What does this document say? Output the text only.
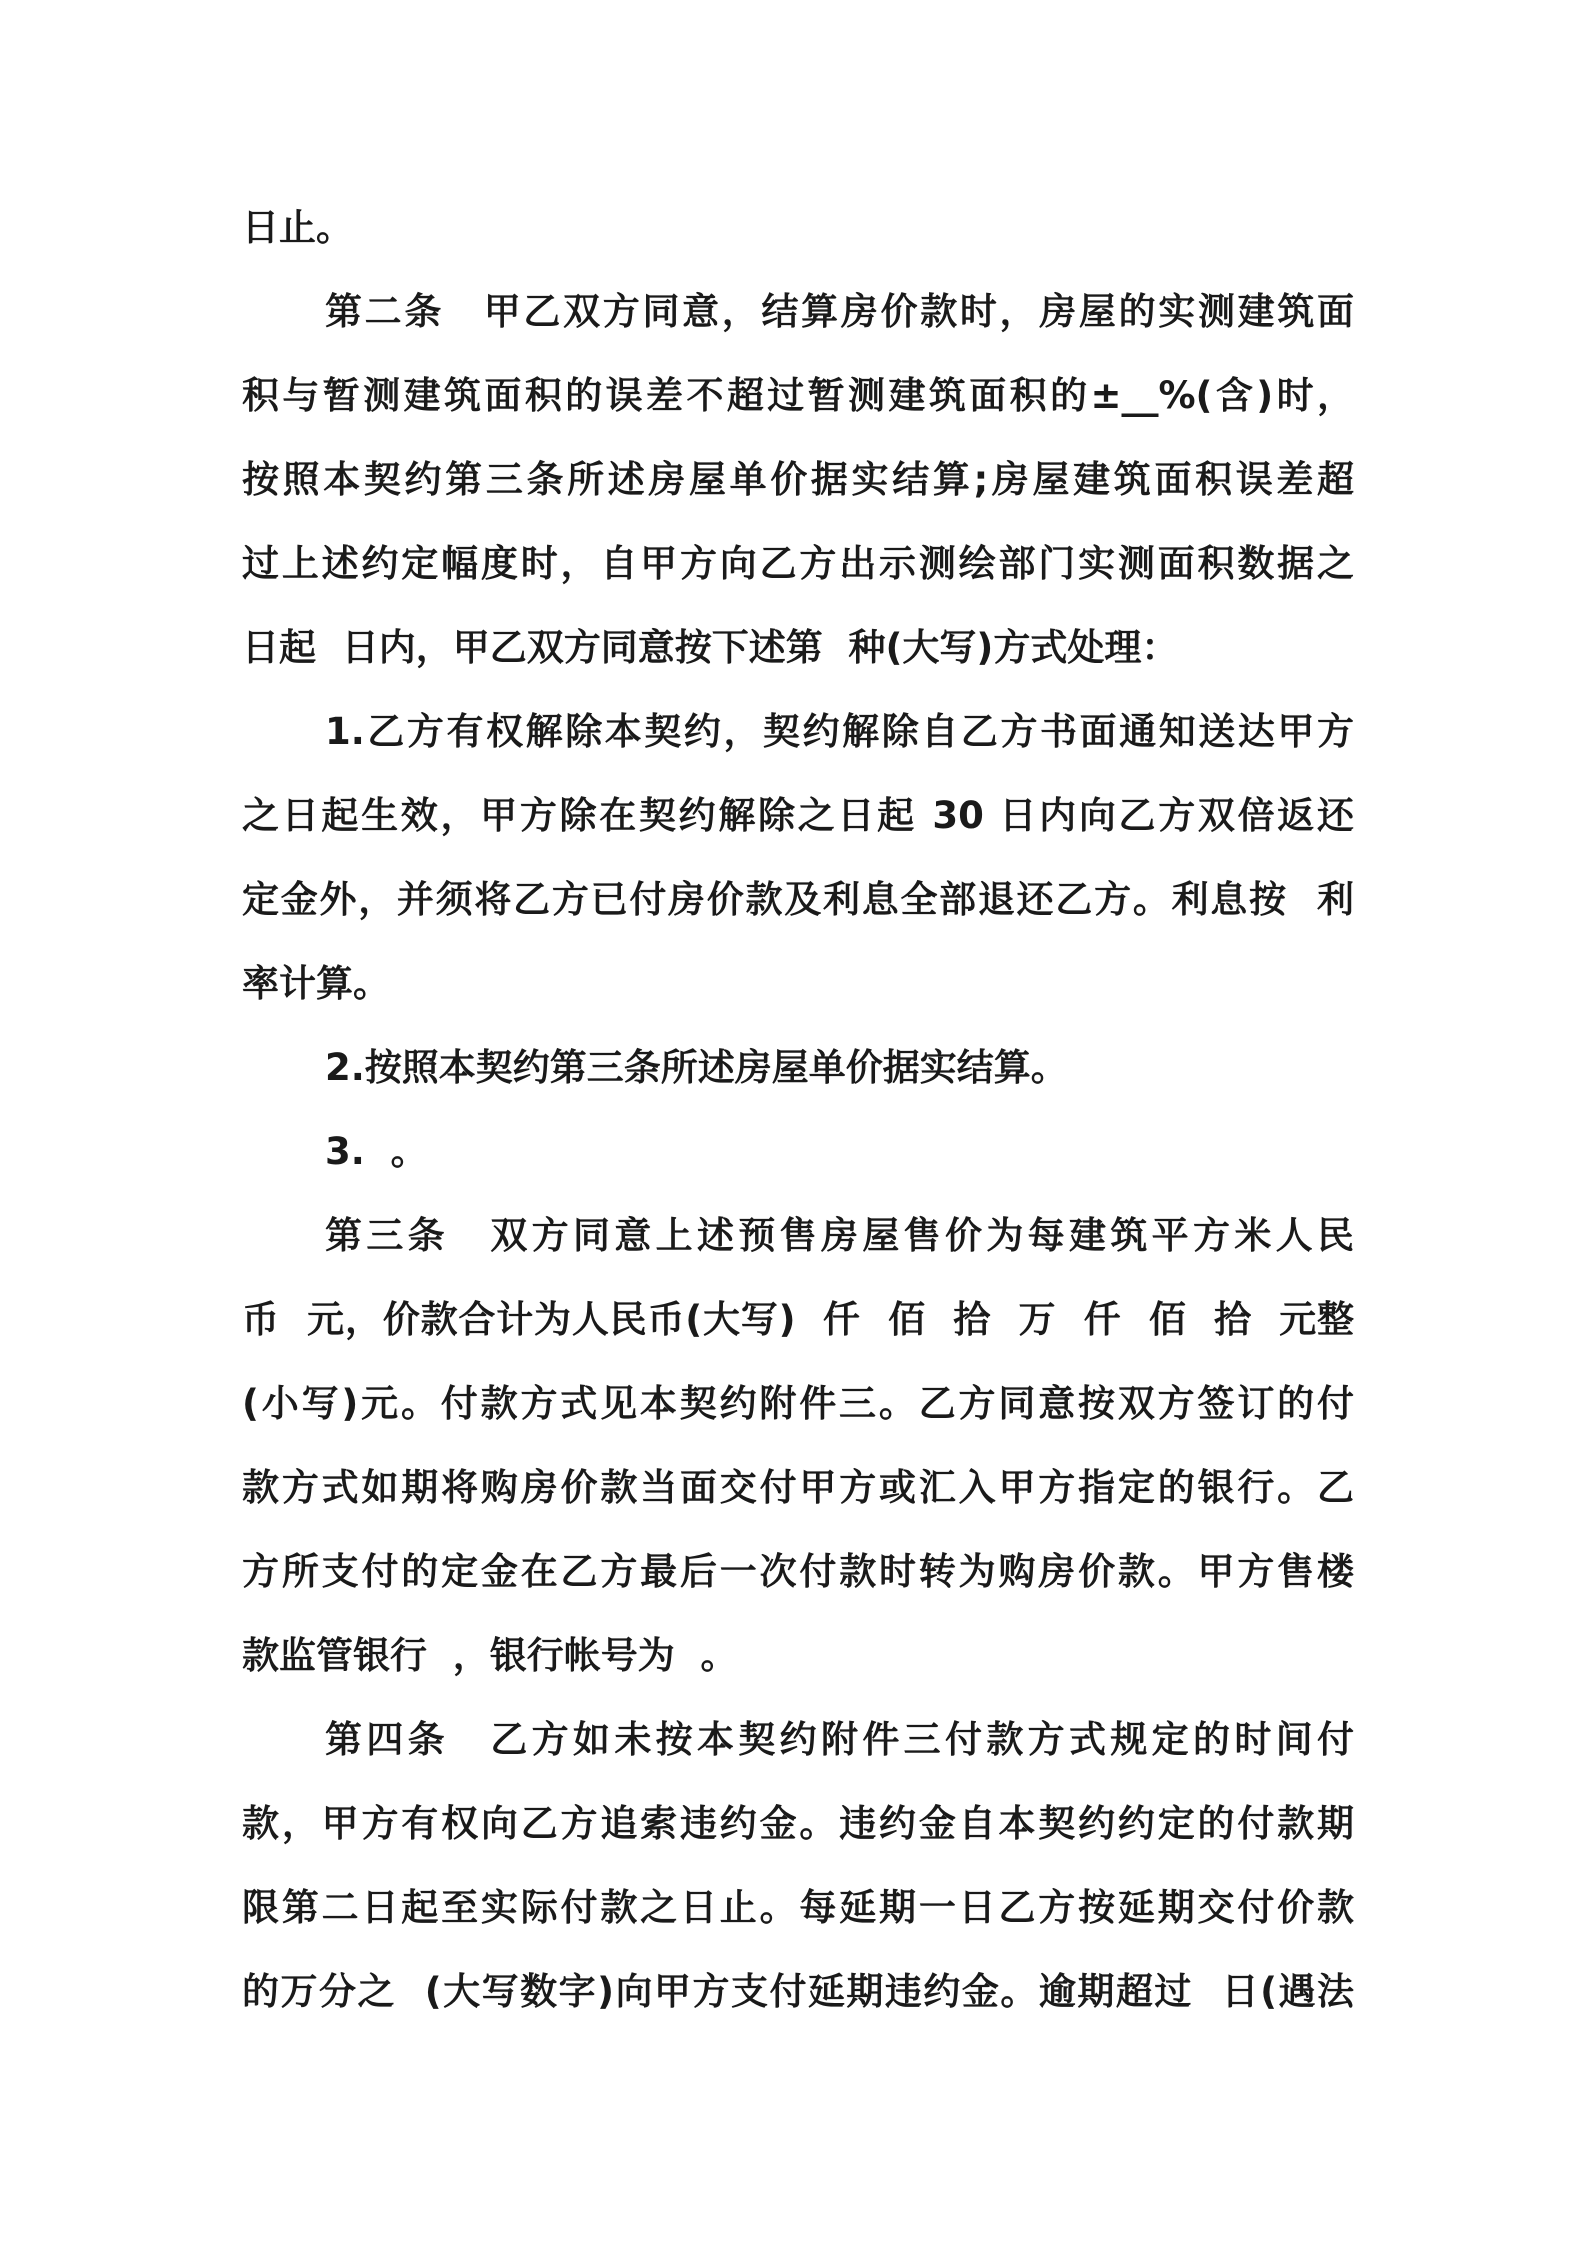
日止。
第二条　甲乙双方同意，结算房价款时，房屋的实测建筑面
积与暂测建筑面积的误差不超过暂测建筑面积的±__%(含)时，
按照本契约第三条所述房屋单价据实结算;房屋建筑面积误差超
过上述约定幅度时，自甲方向乙方出示测绘部门实测面积数据之
日起  日内，甲乙双方同意按下述第  种(大写)方式处理：
1.乙方有权解除本契约，契约解除自乙方书面通知送达甲方
之日起生效，甲方除在契约解除之日起 30 日内向乙方双倍返还
定金外，并须将乙方已付房价款及利息全部退还乙方。利息按  利
率计算。
2.按照本契约第三条所述房屋单价据实结算。
3.  。
第三条　双方同意上述预售房屋售价为每建筑平方米人民
币  元，价款合计为人民币(大写)  仟  佰  拾  万  仟  佰  拾  元整
(小写)元。付款方式见本契约附件三。乙方同意按双方签订的付
款方式如期将购房价款当面交付甲方或汇入甲方指定的银行。乙
方所支付的定金在乙方最后一次付款时转为购房价款。甲方售楼
款监管银行  ，银行帐号为  。
第四条　乙方如未按本契约附件三付款方式规定的时间付
款，甲方有权向乙方追索违约金。违约金自本契约约定的付款期
限第二日起至实际付款之日止。每延期一日乙方按延期交付价款
的万分之  (大写数字)向甲方支付延期违约金。逾期超过  日(遇法
